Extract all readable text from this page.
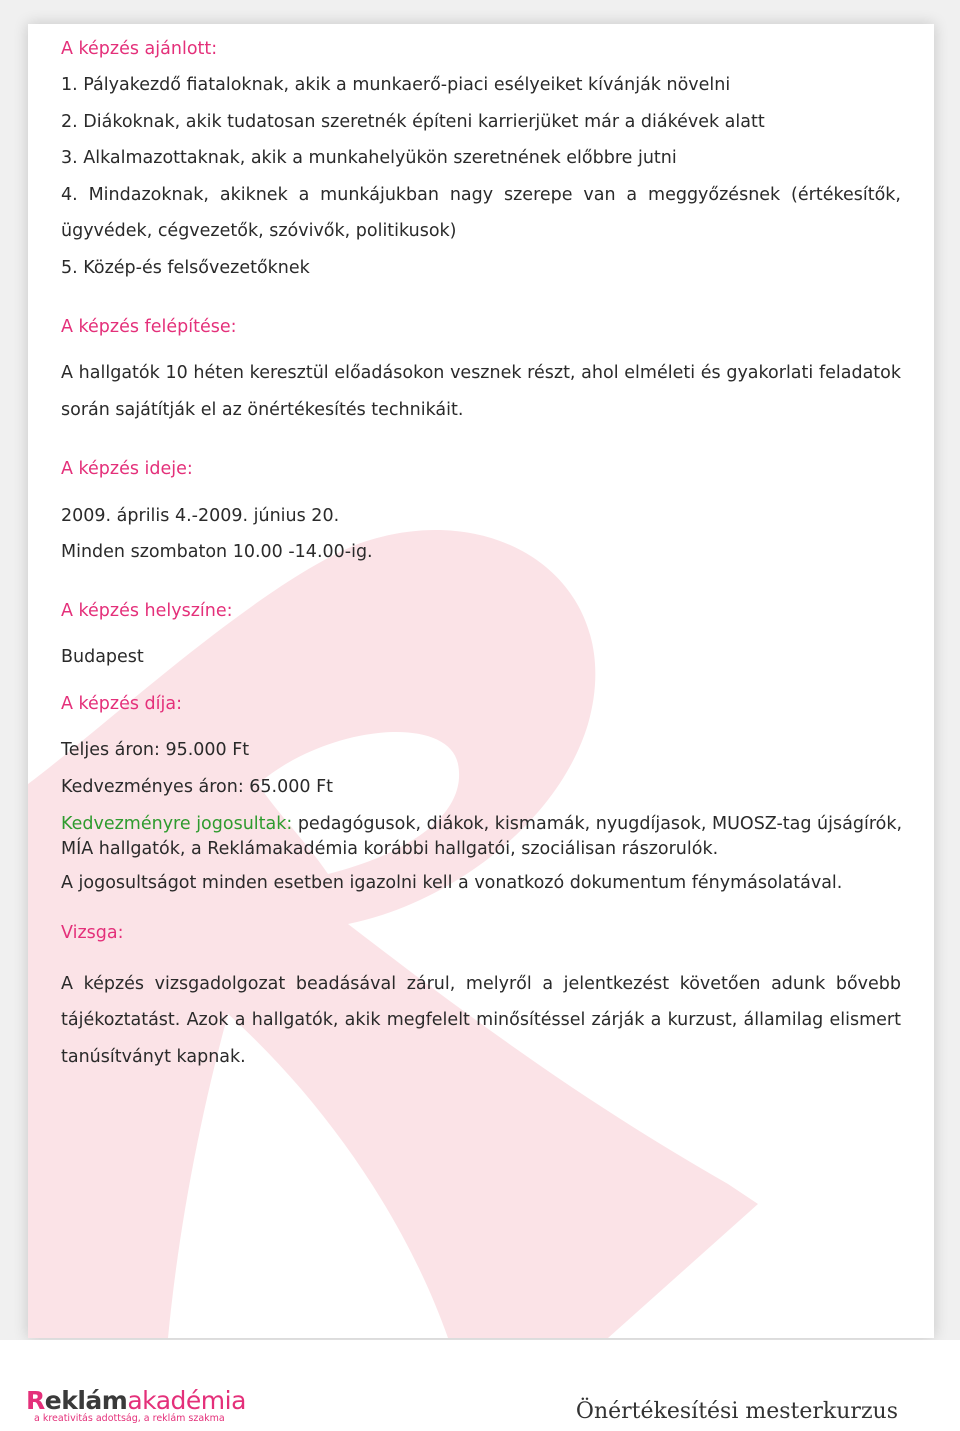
A képzés ajánlott:
1. Pályakezdő fiataloknak, akik a munkaerő-piaci esélyeiket kívánják növelni
2. Diákoknak, akik tudatosan szeretnék építeni karrierjüket már a diákévek alatt
3. Alkalmazottaknak, akik a munkahelyükön szeretnének előbbre jutni
4. Mindazoknak, akiknek a munkájukban nagy szerepe van a meggyőzésnek (értékesítők,
ügyvédek, cégvezetők, szóvivők, politikusok)
5. Közép-és felsővezetőknek
A képzés felépítése:
A hallgatók 10 héten keresztül előadásokon vesznek részt, ahol elméleti és gyakorlati feladatok
során sajátítják el az önértékesítés technikáit.
A képzés ideje:
2009. április 4.-2009. június 20.
Minden szombaton 10.00 -14.00-ig.
A képzés helyszíne:
Budapest
A képzés díja:
Teljes áron: 95.000 Ft
Kedvezményes áron: 65.000 Ft
Kedvezményre jogosultak: pedagógusok, diákok, kismamák, nyugdíjasok, MUOSZ-tag újságírók,
MÍA hallgatók, a Reklámakadémia korábbi hallgatói, szociálisan rászorulók.
A jogosultságot minden esetben igazolni kell a vonatkozó dokumentum fénymásolatával.
Vizsga:
A képzés vizsgadolgozat beadásával zárul, melyről a jelentkezést követően adunk bővebb
tájékoztatást. Azok a hallgatók, akik megfelelt minősítéssel zárják a kurzust, államilag elismert
tanúsítványt kapnak.
Reklámakadémia
a kreativitás adottság, a reklám szakma	Önértékesítési mesterkurzus
